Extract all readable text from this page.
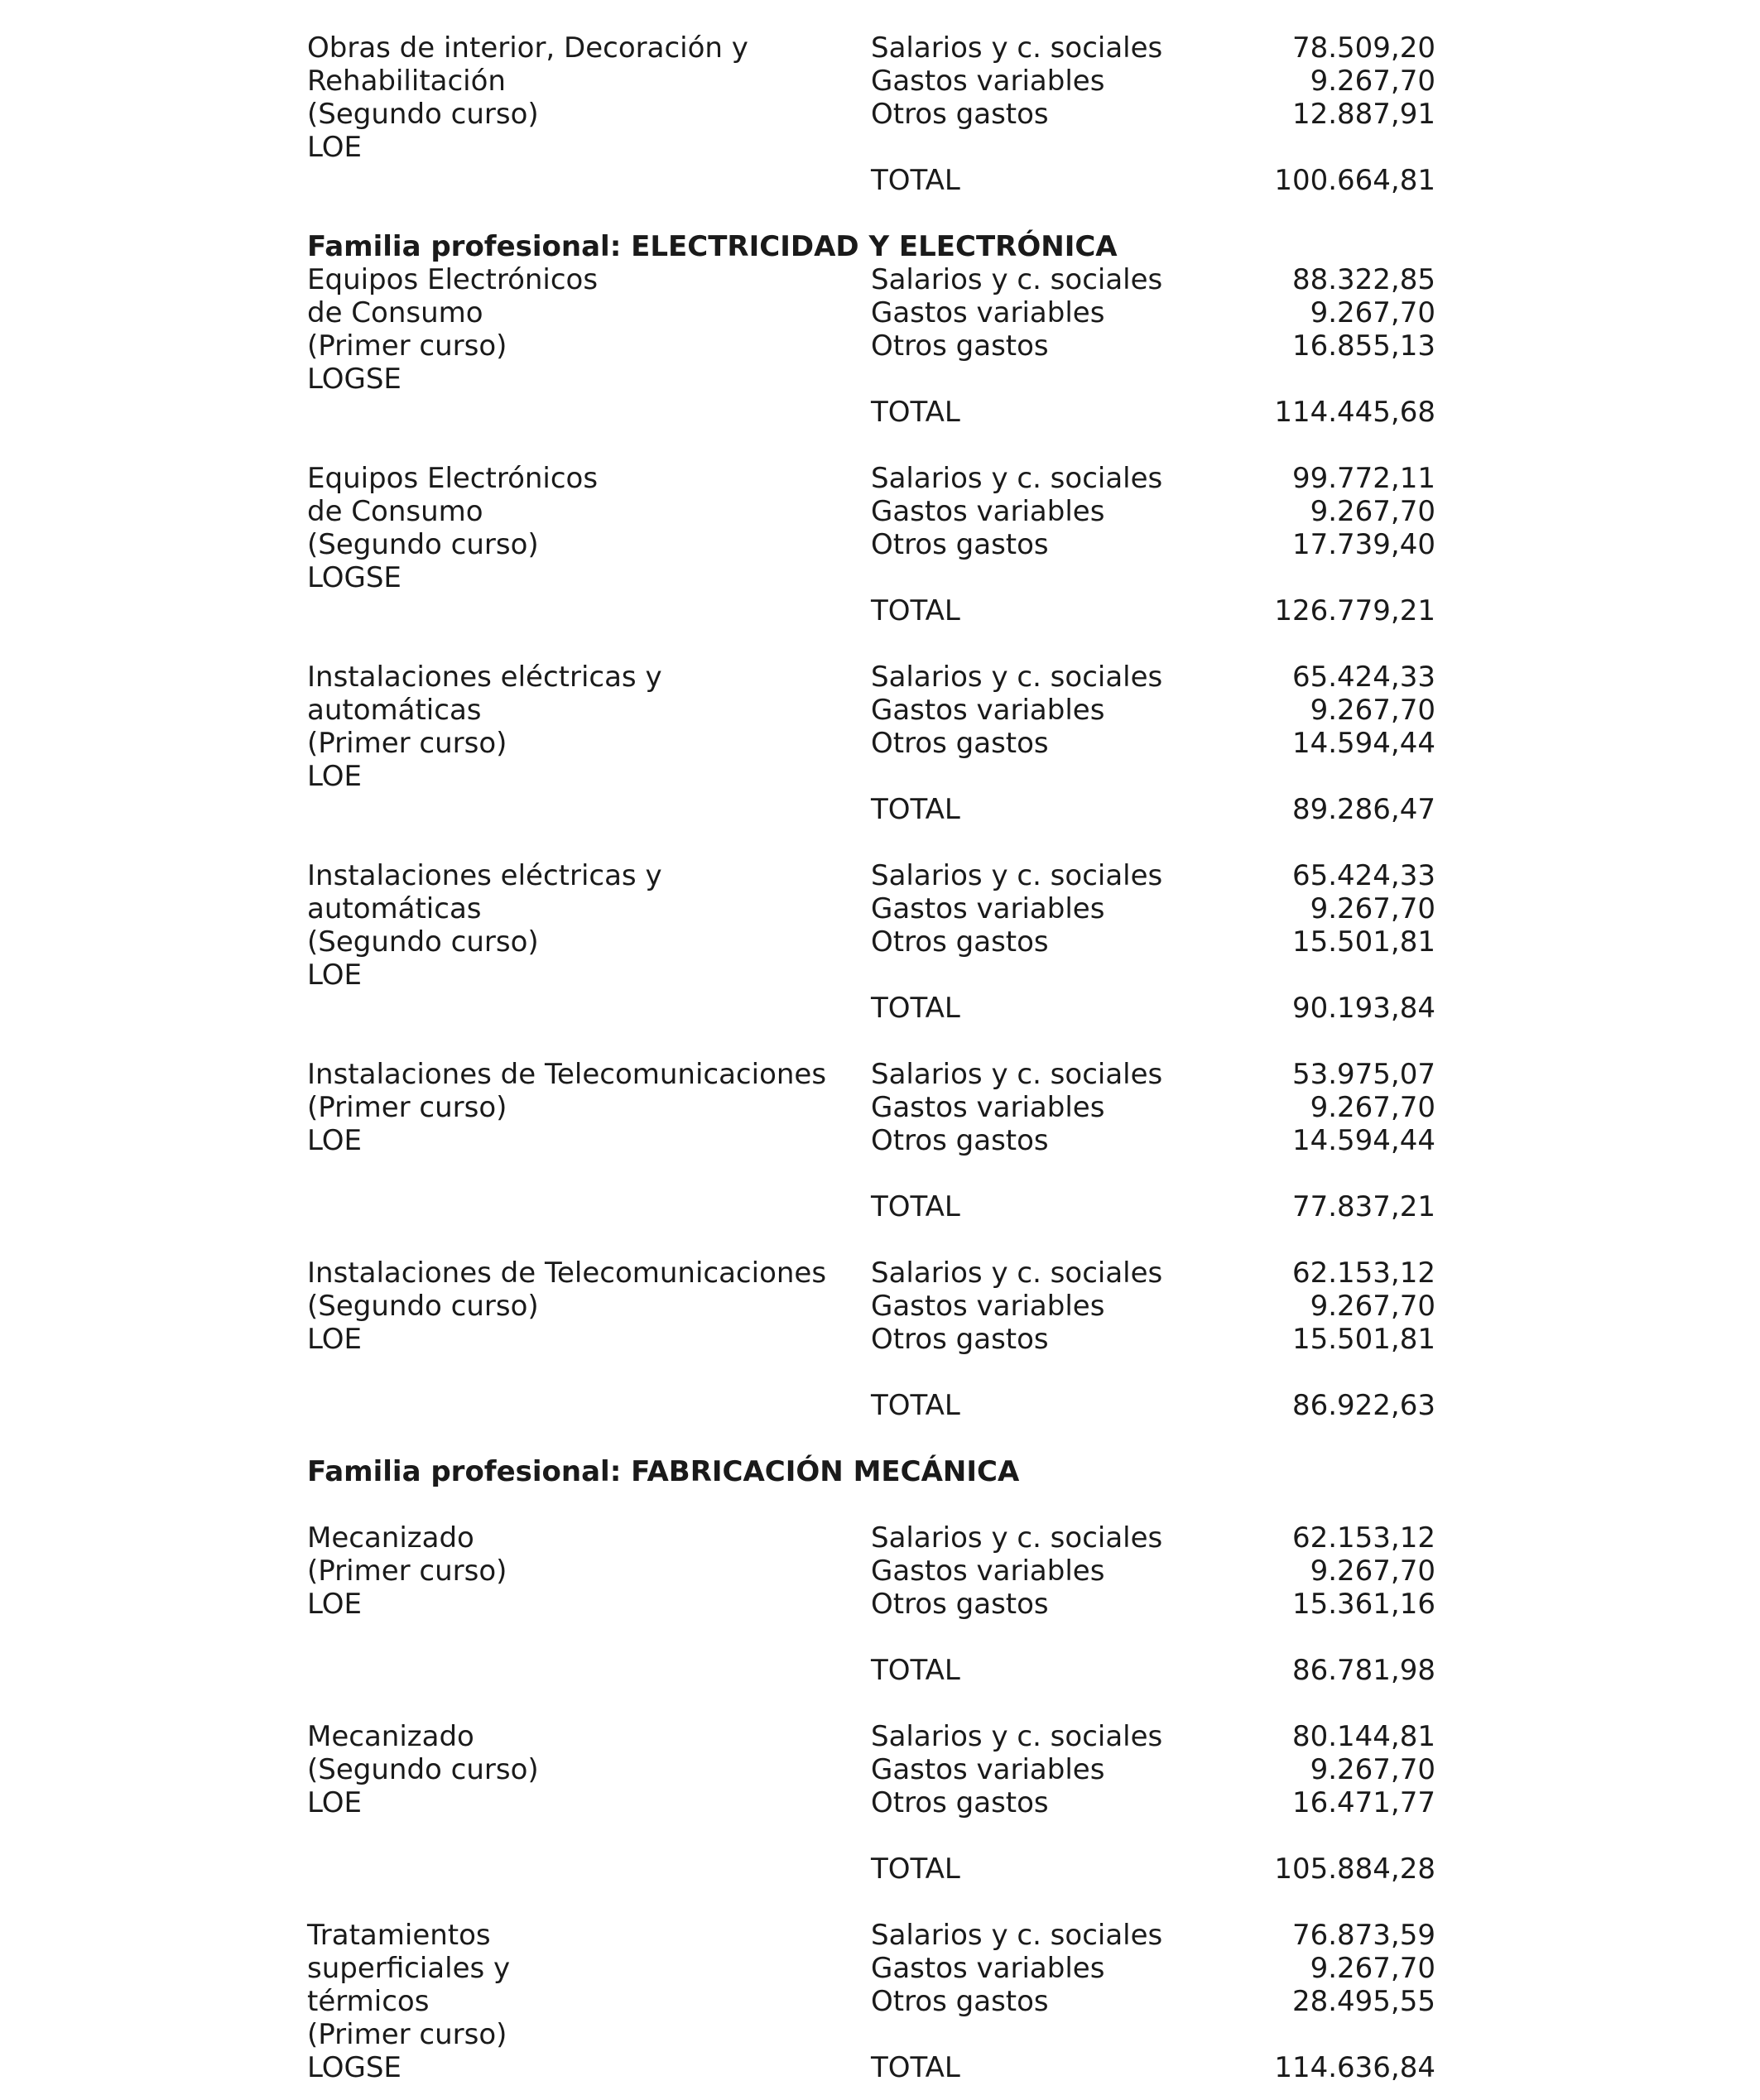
Obras de interior, Decoración y	Salarios y c. sociales	78.509,20
Rehabilitación	Gastos variables	9.267,70
(Segundo curso)	Otros gastos	12.887,91
LOE
TOTAL	100.664,81
Familia profesional: ELECTRICIDAD Y ELECTRÓNICA
Equipos Electrónicos	Salarios y c. sociales	88.322,85
de Consumo	Gastos variables	9.267,70
(Primer curso)	Otros gastos	16.855,13
LOGSE
TOTAL	114.445,68
Equipos Electrónicos	Salarios y c. sociales	99.772,11
de Consumo	Gastos variables	9.267,70
(Segundo curso)	Otros gastos	17.739,40
LOGSE
TOTAL	126.779,21
Instalaciones eléctricas y	Salarios y c. sociales	65.424,33
automáticas	Gastos variables	9.267,70
(Primer curso)	Otros gastos	14.594,44
LOE
TOTAL	89.286,47
Instalaciones eléctricas y	Salarios y c. sociales	65.424,33
automáticas	Gastos variables	9.267,70
(Segundo curso)	Otros gastos	15.501,81
LOE
TOTAL	90.193,84
Instalaciones de Telecomunicaciones Salarios y c. sociales	53.975,07
(Primer curso)	Gastos variables	9.267,70
LOE	Otros gastos	14.594,44
TOTAL	77.837,21
Instalaciones de Telecomunicaciones Salarios y c. sociales	62.153,12
(Segundo curso)	Gastos variables	9.267,70
LOE	Otros gastos	15.501,81
TOTAL	86.922,63
Familia profesional: FABRICACIÓN MECÁNICA
Mecanizado	Salarios y c. sociales	62.153,12
(Primer curso)	Gastos variables	9.267,70
LOE	Otros gastos	15.361,16
TOTAL	86.781,98
Mecanizado	Salarios y c. sociales	80.144,81
(Segundo curso)	Gastos variables	9.267,70
LOE	Otros gastos	16.471,77
TOTAL	105.884,28
Tratamientos	Salarios y c. sociales	76.873,59
superficiales y	Gastos variables	9.267,70
térmicos	Otros gastos	28.495,55
(Primer curso)
LOGSE	TOTAL	114.636,84
